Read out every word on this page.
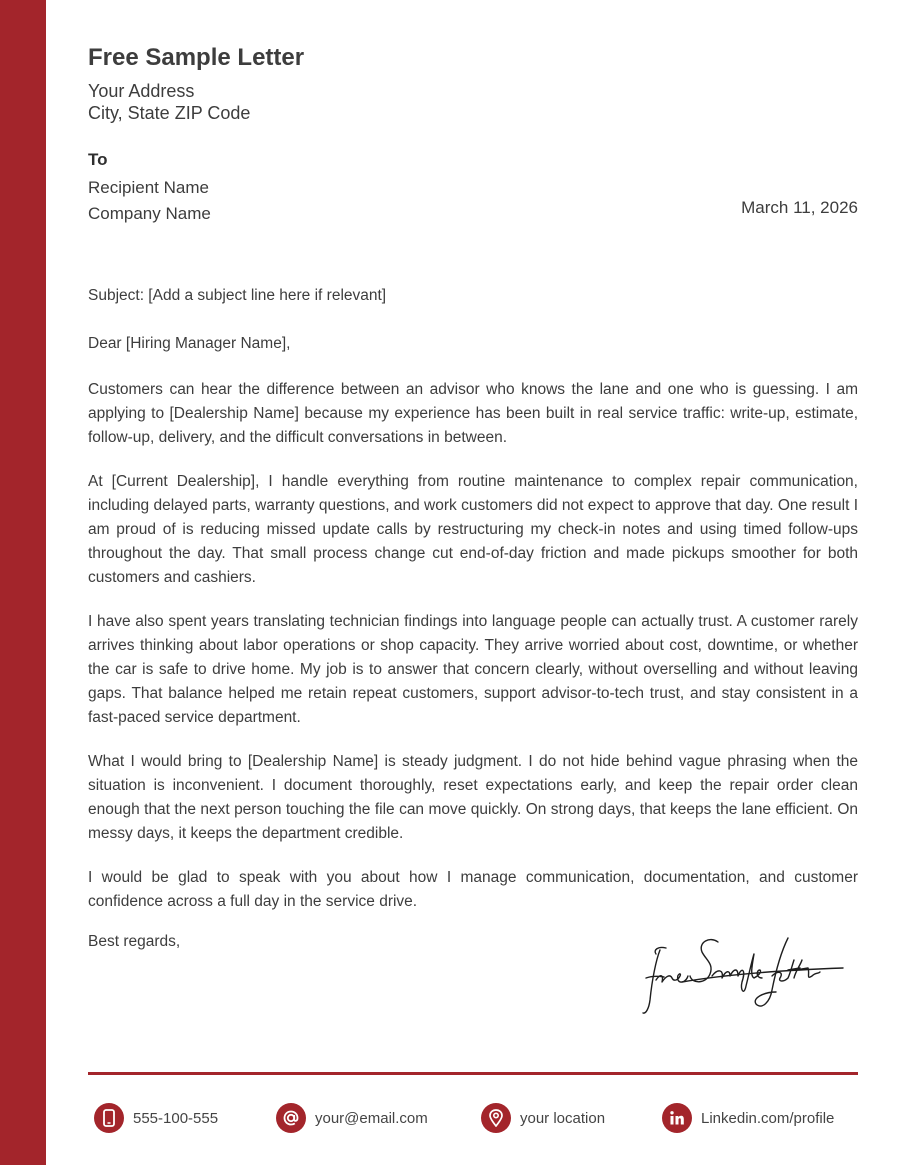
Free Sample Letter
Your Address
City, State ZIP Code
To
Recipient Name
Company Name	March 11, 2026
Subject: [Add a subject line here if relevant]
Dear [Hiring Manager Name],

Customers can hear the difference between an advisor who knows the lane and one who is guessing. I am applying to [Dealership Name] because my experience has been built in real service traffic: write-up, estimate, follow-up, delivery, and the difficult conversations in between.

At [Current Dealership], I handle everything from routine maintenance to complex repair communication, including delayed parts, warranty questions, and work customers did not expect to approve that day. One result I am proud of is reducing missed update calls by restructuring my check-in notes and using timed follow-ups throughout the day. That small process change cut end-of-day friction and made pickups smoother for both customers and cashiers.

I have also spent years translating technician findings into language people can actually trust. A customer rarely arrives thinking about labor operations or shop capacity. They arrive worried about cost, downtime, or whether the car is safe to drive home. My job is to answer that concern clearly, without overselling and without leaving gaps. That balance helped me retain repeat customers, support advisor-to-tech trust, and stay consistent in a fast-paced service department.

What I would bring to [Dealership Name] is steady judgment. I do not hide behind vague phrasing when the situation is inconvenient. I document thoroughly, reset expectations early, and keep the repair order clean enough that the next person touching the file can move quickly. On strong days, that keeps the lane efficient. On messy days, it keeps the department credible.

I would be glad to speak with you about how I manage communication, documentation, and customer confidence across a full day in the service drive.

Best regards,
555-100-555	your@email.com	your location	Linkedin.com/profile
